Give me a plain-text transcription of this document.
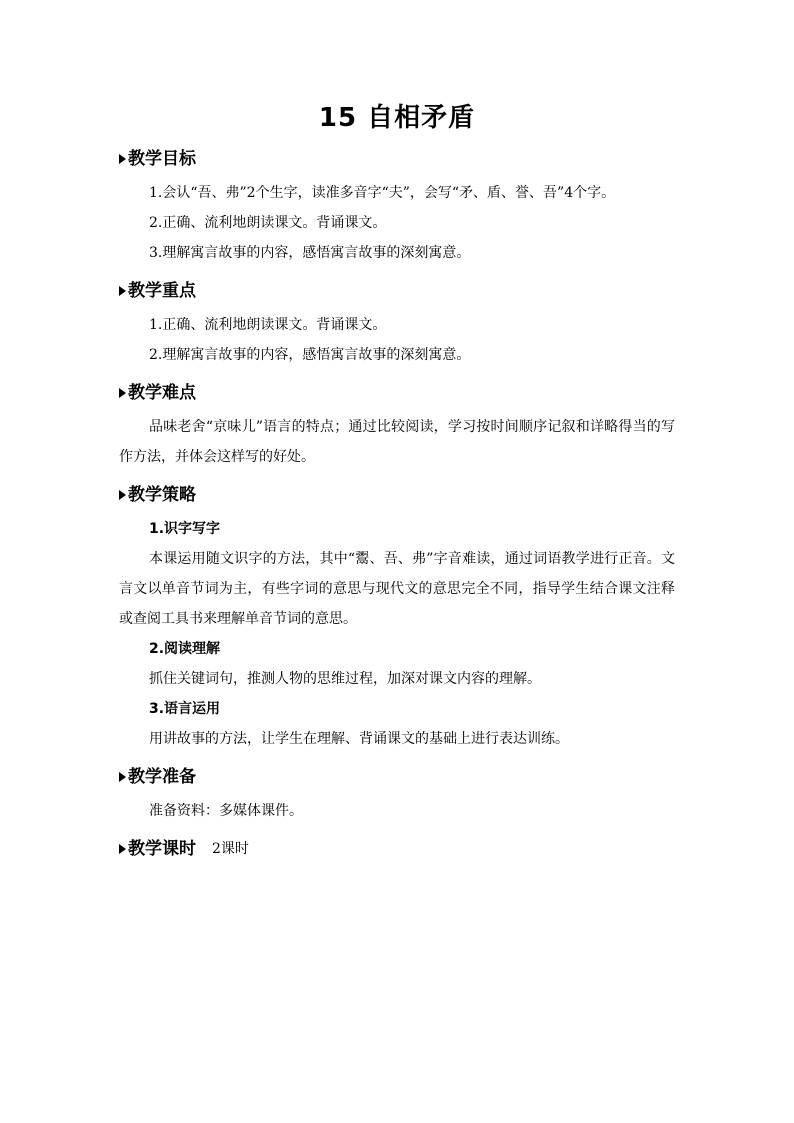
15 自相矛盾
教学目标

1.会认“吾、弗”2个生字，读准多音字“夫”，会写“矛、盾、誉、吾”4个字。

2.正确、流利地朗读课文。背诵课文。

3.理解寓言故事的内容，感悟寓言故事的深刻寓意。

教学重点

1.正确、流利地朗读课文。背诵课文。

2.理解寓言故事的内容，感悟寓言故事的深刻寓意。

教学难点

品味老舍“京味儿”语言的特点；通过比较阅读，学习按时间顺序记叙和详略得当的写作方法，并体会这样写的好处。

教学策略

1.识字写字

本课运用随文识字的方法，其中“鬻、吾、弗”字音难读，通过词语教学进行正音。文言文以单音节词为主，有些字词的意思与现代文的意思完全不同，指导学生结合课文注释或查阅工具书来理解单音节词的意思。

2.阅读理解

抓住关键词句，推测人物的思维过程，加深对课文内容的理解。

3.语言运用

用讲故事的方法，让学生在理解、背诵课文的基础上进行表达训练。

教学准备

准备资料：多媒体课件。

教学课时 2课时
